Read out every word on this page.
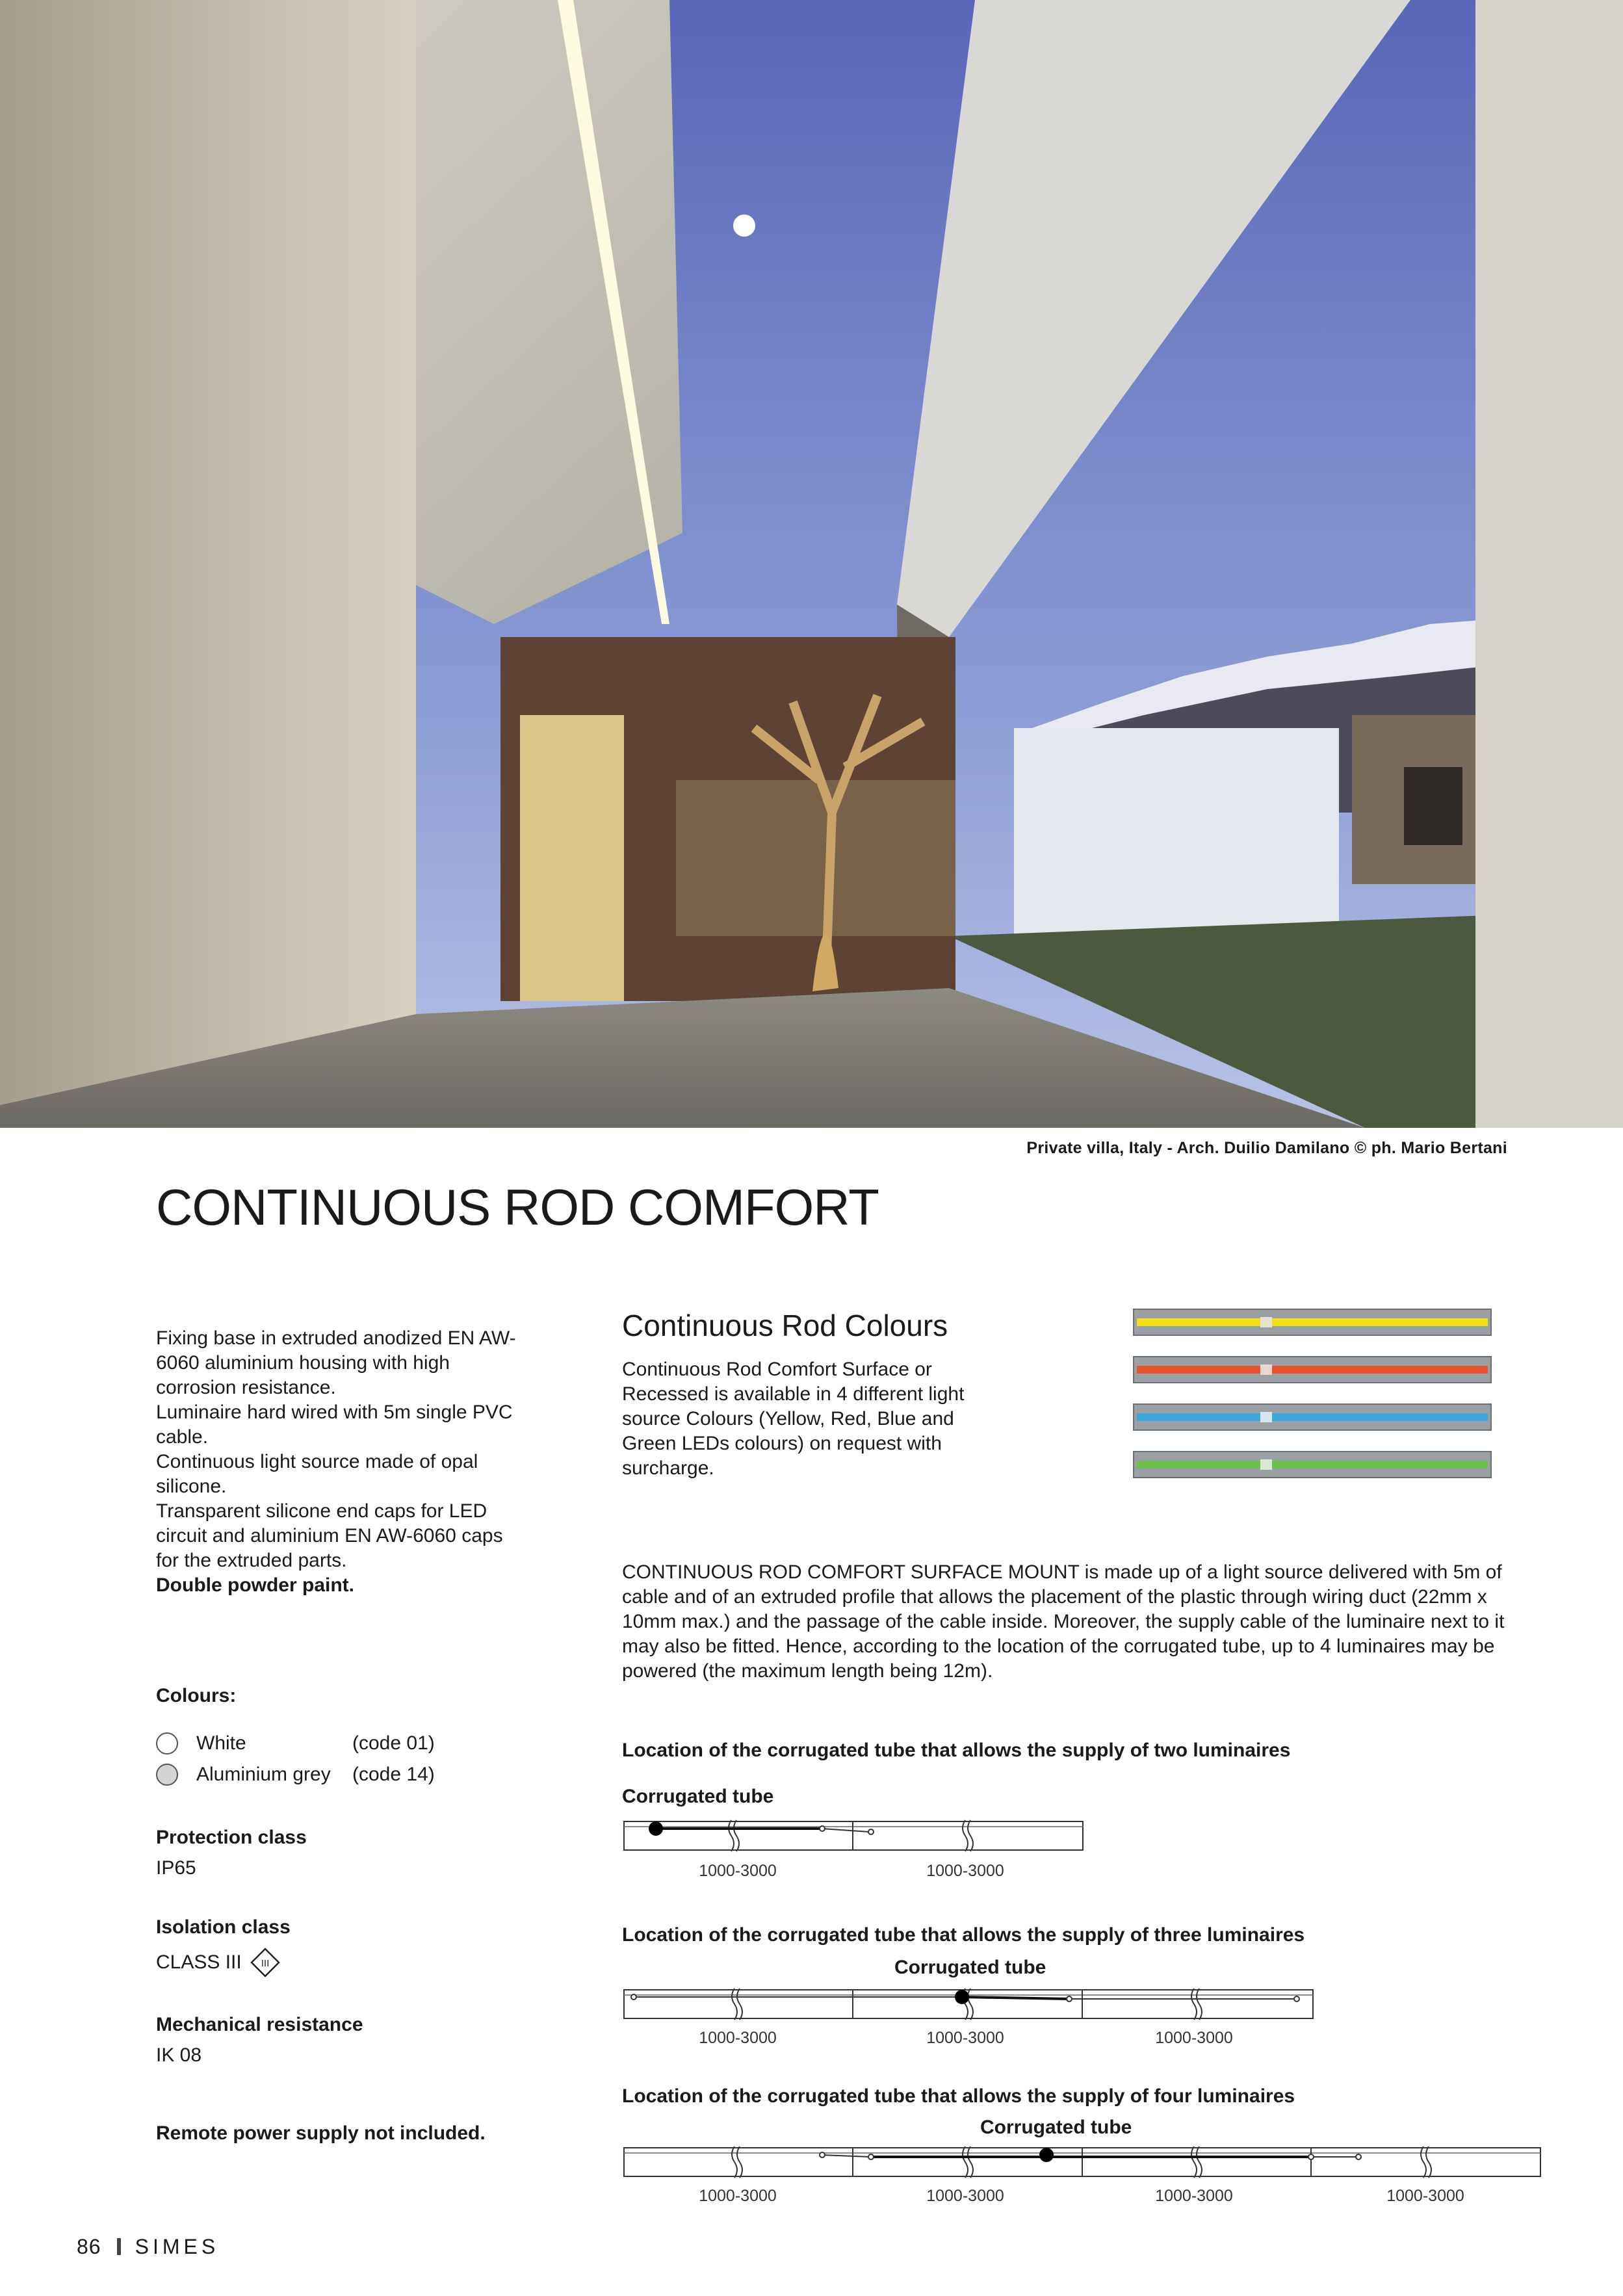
Private villa, Italy - Arch. Duilio Damilano © ph. Mario Bertani
CONTINUOUS ROD COMFORT

Fixing base in extruded anodized EN AW-6060 aluminium housing with high corrosion resistance.

Luminaire hard wired with 5m single PVC cable.

Continuous light source made of opal silicone.

Transparent silicone end caps for LED circuit and aluminium EN AW-6060 caps for the extruded parts.

Double powder paint.

Colours:
White	(code 01)
Aluminium grey (code 14)
Protection class
IP65
Isolation class
CLASS III III
Mechanical resistance
IK 08
Remote power supply not included.
Continuous Rod Colours
Continuous Rod Comfort Surface or Recessed is available in 4 different light source Colours (Yellow, Red, Blue and Green LEDs colours) on request with surcharge.
CONTINUOUS ROD COMFORT SURFACE MOUNT is made up of a light source delivered with 5m of cable and of an extruded profile that allows the placement of the plastic through wiring duct (22mm x 10mm max.) and the passage of the cable inside. Moreover, the supply cable of the luminaire next to it may also be fitted. Hence, according to the location of the corrugated tube, up to 4 luminaires may be powered (the maximum length being 12m).
Location of the corrugated tube that allows the supply of two luminaires
Corrugated tube
1000-3000	1000-3000
Location of the corrugated tube that allows the supply of three luminaires
Corrugated tube
1000-3000	1000-3000	1000-3000
Location of the corrugated tube that allows the supply of four luminaires
Corrugated tube
1000-3000	1000-3000	1000-3000	1000-3000
86 SIMES
